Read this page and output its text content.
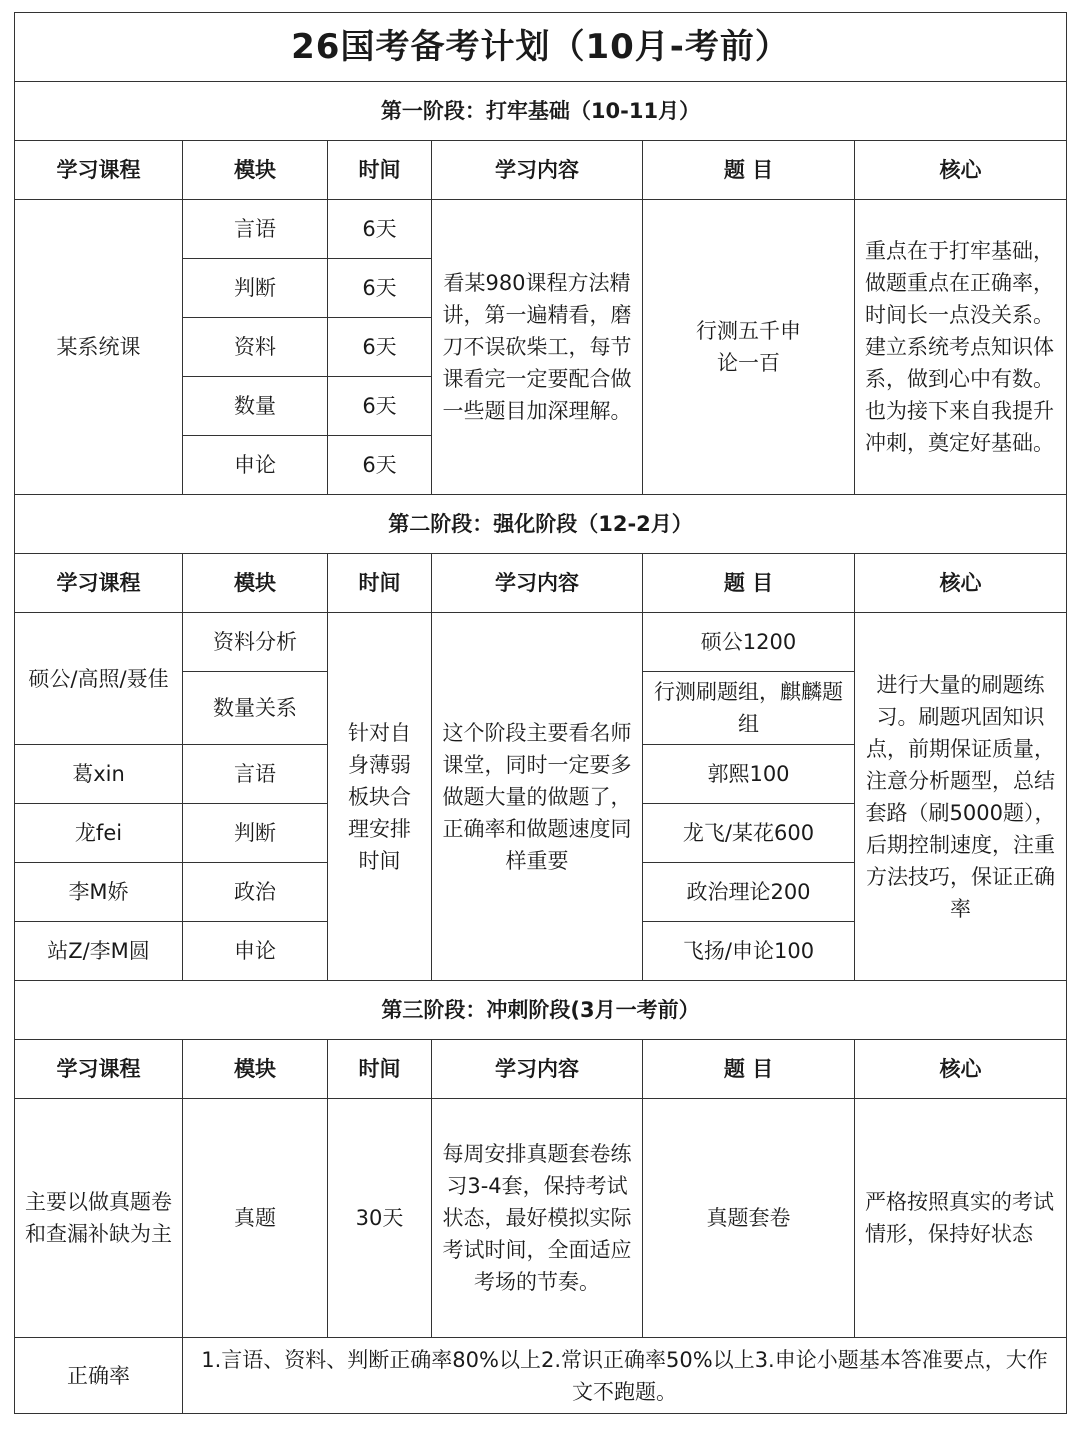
26国考备考计划（10月-考前）					
第一阶段：打牢基础（10-11月）					
学习课程	模块	时间	学习内容	题 目	核心
某系统课	言语	6天	看某980课程方法精讲，第一遍精看，磨刀不误砍柴工，每节课看完一定要配合做一些题目加深理解。	行测五千申论一百	重点在于打牢基础，做题重点在正确率，时间长一点没关系。建立系统考点知识体系，做到心中有数。也为接下来自我提升冲刺，奠定好基础。
	判断	6天			
	资料	6天			
	数量	6天			
	申论	6天			
第二阶段：强化阶段（12-2月）					
学习课程	模块	时间	学习内容	题 目	核心
硕公/高照/聂佳	资料分析	针对自身薄弱板块合理安排时间	这个阶段主要看名师课堂，同时一定要多做题大量的做题了，正确率和做题速度同样重要	硕公1200	进行大量的刷题练习。刷题巩固知识点，前期保证质量，注意分析题型，总结套路（刷5000题），后期控制速度，注重方法技巧，保证正确率
	数量关系			行测刷题组，麒麟题组	
葛xin	言语			郭熙100	
龙fei	判断			龙飞/某花600	
李M娇	政治			政治理论200	
站Z/李M圆	申论			飞扬/申论100	
第三阶段：冲刺阶段(3月一考前）					
学习课程	模块	时间	学习内容	题 目	核心
主要以做真题卷和查漏补缺为主	真题	30天	每周安排真题套卷练习3-4套，保持考试状态，最好模拟实际考试时间，全面适应考场的节奏。	真题套卷	严格按照真实的考试情形，保持好状态
正确率	1.言语、资料、判断正确率80%以上2.常识正确率50%以上3.申论小题基本答准要点，大作文不跑题。				
